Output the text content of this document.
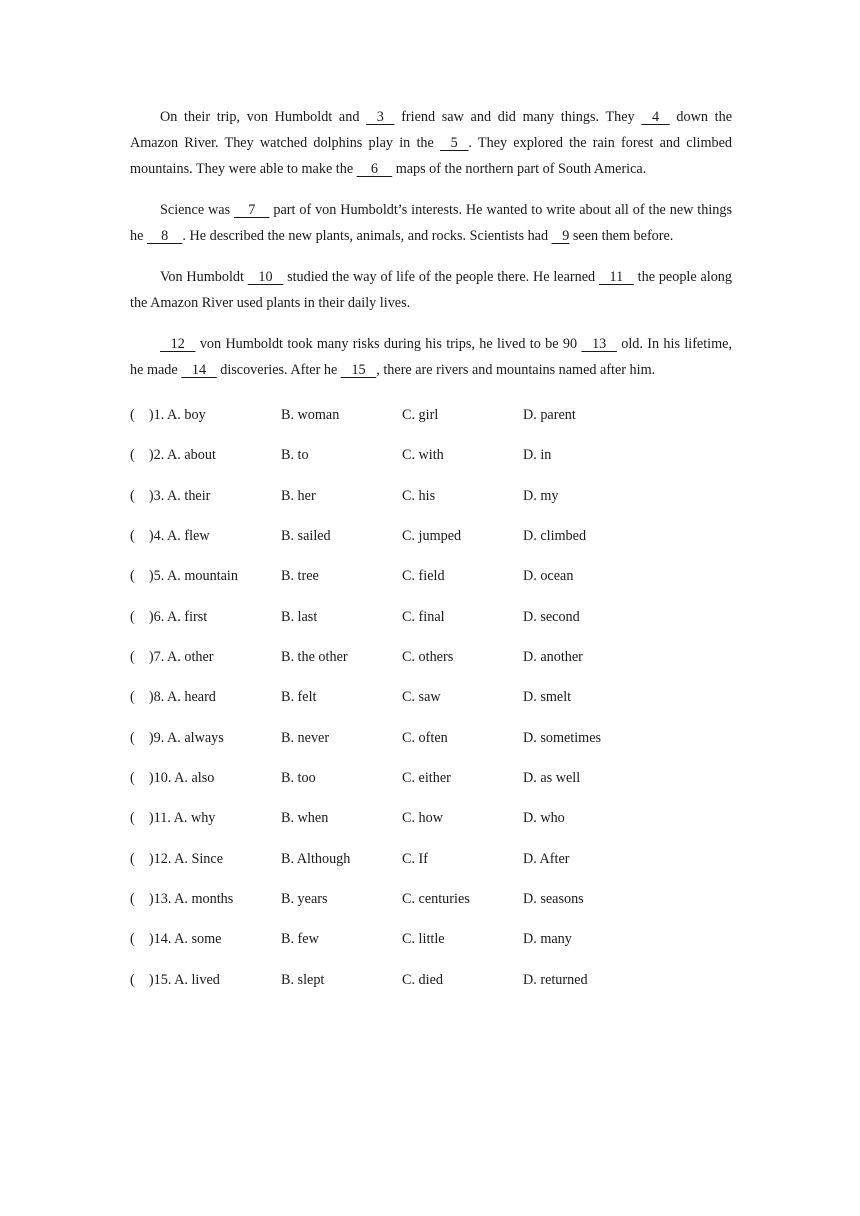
On their trip, von Humboldt and    3    friend saw and did many things. They    4    down the Amazon River. They watched dolphins play in the    5   . They explored the rain forest and climbed mountains. They were able to make the     6     maps of the northern part of South America.

Science was     7     part of von Humboldt’s interests. He wanted to write about all of the new things he     8    . He described the new plants, animals, and rocks. Scientists had    9 seen them before.

Von Humboldt    10    studied the way of life of the people there. He learned    11    the people along the Amazon River used plants in their daily lives.

12    von Humboldt took many risks during his trips, he lived to be 90    13    old. In his lifetime, he made    14    discoveries. After he    15   , there are rivers and mountains named after him.

(    )1. A. boy	B. woman	C. girl	D. parent
(    )2. A. about	B. to	C. with	D. in
(    )3. A. their	B. her	C. his	D. my
(    )4. A. flew	B. sailed	C. jumped	D. climbed
(    )5. A. mountain	B. tree	C. field	D. ocean
(    )6. A. first	B. last	C. final	D. second
(    )7. A. other	B. the other	C. others	D. another
(    )8. A. heard	B. felt	C. saw	D. smelt
(    )9. A. always	B. never	C. often	D. sometimes
(    )10. A. also	B. too	C. either	D. as well
(    )11. A. why	B. when	C. how	D. who
(    )12. A. Since	B. Although	C. If	D. After
(    )13. A. months	B. years	C. centuries	D. seasons
(    )14. A. some	B. few	C. little	D. many
(    )15. A. lived	B. slept	C. died	D. returned
